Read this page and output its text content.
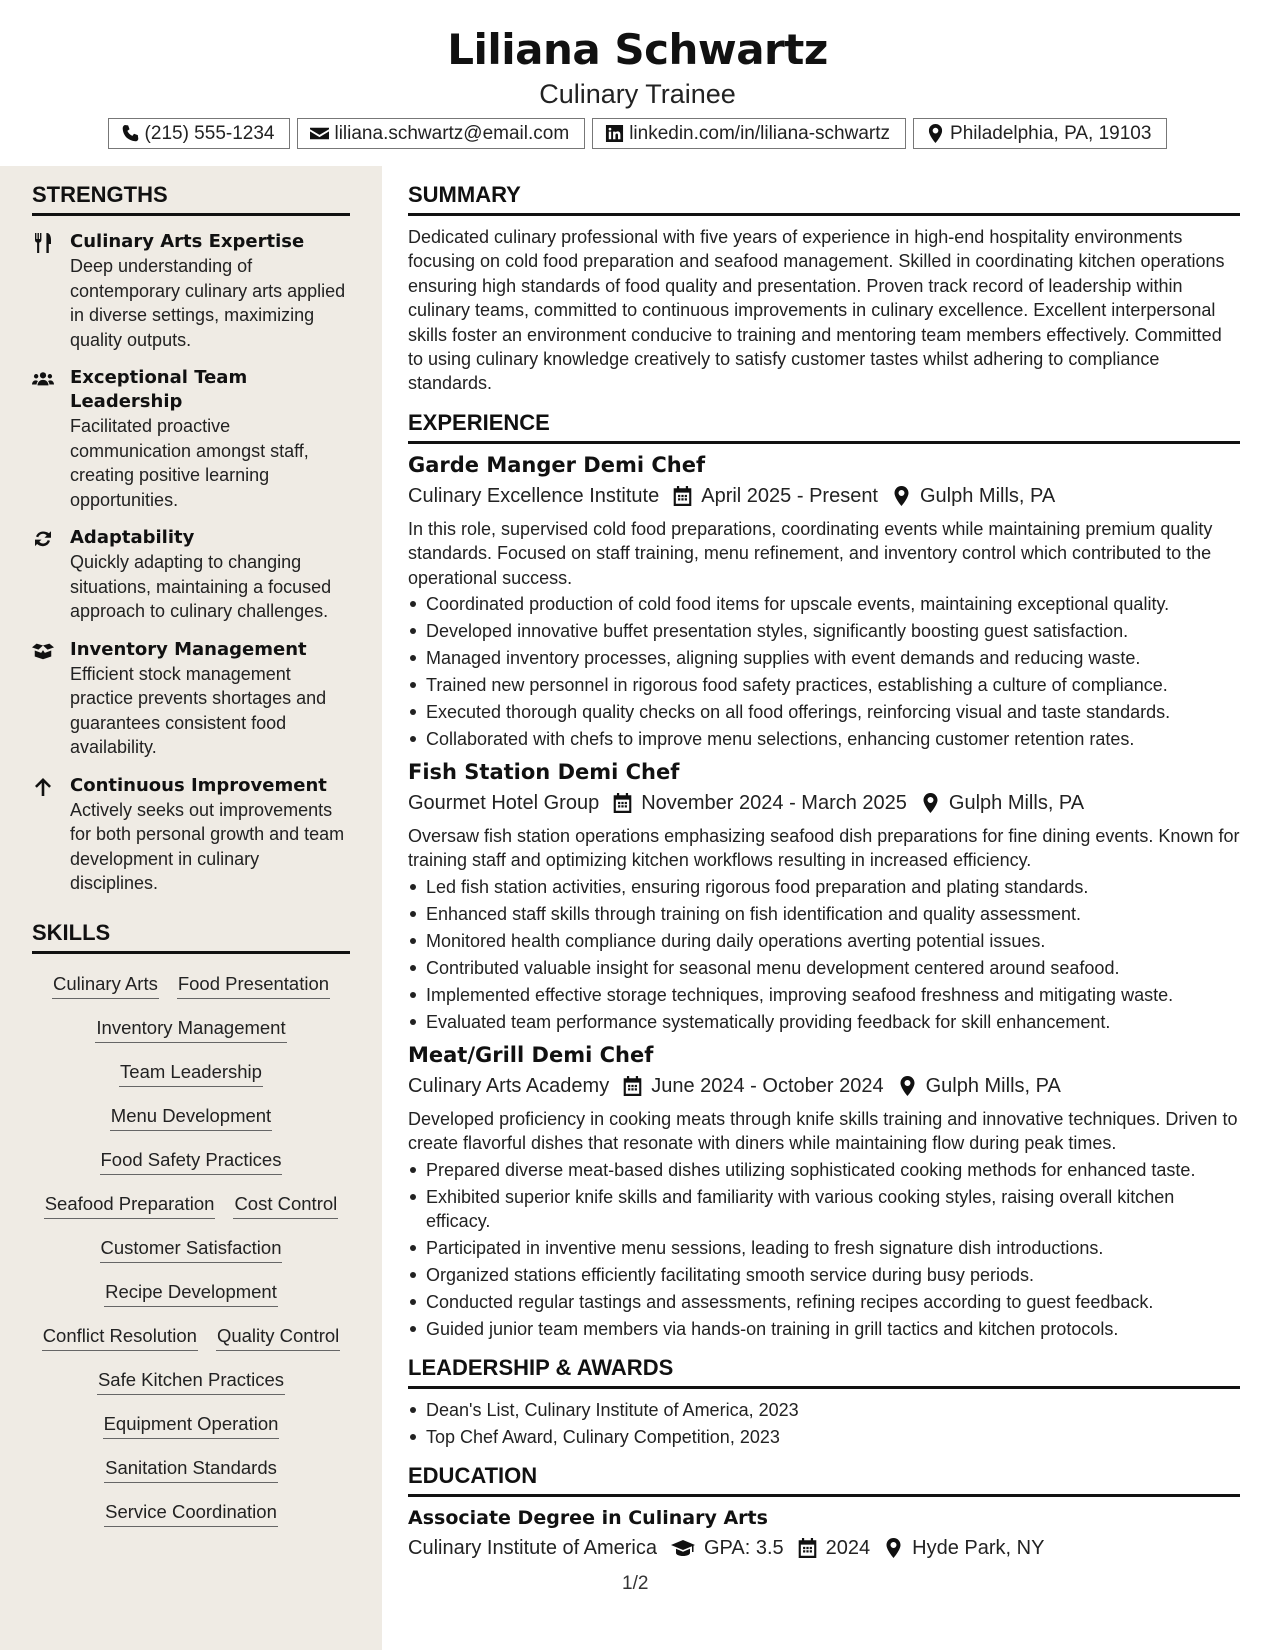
Liliana Schwartz
Culinary Trainee
(215) 555-1234	liliana.schwartz@email.com	linkedin.com/in/liliana-schwartz	Philadelphia, PA, 19103
STRENGTHS
Culinary Arts Expertise
Deep understanding of contemporary culinary arts applied in diverse settings, maximizing quality outputs.
Exceptional Team Leadership
Facilitated proactive communication amongst staff, creating positive learning opportunities.
Adaptability
Quickly adapting to changing situations, maintaining a focused approach to culinary challenges.
Inventory Management
Efficient stock management practice prevents shortages and guarantees consistent food availability.
Continuous Improvement
Actively seeks out improvements for both personal growth and team development in culinary disciplines.
SKILLS
Culinary Arts Food Presentation
Inventory Management
Team Leadership
Menu Development
Food Safety Practices
Seafood Preparation Cost Control
Customer Satisfaction
Recipe Development
Conflict Resolution Quality Control
Safe Kitchen Practices
Equipment Operation
Sanitation Standards
Service Coordination
SUMMARY
Dedicated culinary professional with five years of experience in high-end hospitality environments focusing on cold food preparation and seafood management. Skilled in coordinating kitchen operations ensuring high standards of food quality and presentation. Proven track record of leadership within culinary teams, committed to continuous improvements in culinary excellence. Excellent interpersonal skills foster an environment conducive to training and mentoring team members effectively. Committed to using culinary knowledge creatively to satisfy customer tastes whilst adhering to compliance standards.
EXPERIENCE
Garde Manger Demi Chef
Culinary Excellence Institute April 2025 - Present Gulph Mills, PA
In this role, supervised cold food preparations, coordinating events while maintaining premium quality standards. Focused on staff training, menu refinement, and inventory control which contributed to the operational success.
Coordinated production of cold food items for upscale events, maintaining exceptional quality.
Developed innovative buffet presentation styles, significantly boosting guest satisfaction.
Managed inventory processes, aligning supplies with event demands and reducing waste.
Trained new personnel in rigorous food safety practices, establishing a culture of compliance.
Executed thorough quality checks on all food offerings, reinforcing visual and taste standards.
Collaborated with chefs to improve menu selections, enhancing customer retention rates.
Fish Station Demi Chef
Gourmet Hotel Group November 2024 - March 2025 Gulph Mills, PA
Oversaw fish station operations emphasizing seafood dish preparations for fine dining events. Known for training staff and optimizing kitchen workflows resulting in increased efficiency.
Led fish station activities, ensuring rigorous food preparation and plating standards.
Enhanced staff skills through training on fish identification and quality assessment.
Monitored health compliance during daily operations averting potential issues.
Contributed valuable insight for seasonal menu development centered around seafood.
Implemented effective storage techniques, improving seafood freshness and mitigating waste.
Evaluated team performance systematically providing feedback for skill enhancement.
Meat/Grill Demi Chef
Culinary Arts Academy June 2024 - October 2024 Gulph Mills, PA
Developed proficiency in cooking meats through knife skills training and innovative techniques. Driven to create flavorful dishes that resonate with diners while maintaining flow during peak times.
Prepared diverse meat-based dishes utilizing sophisticated cooking methods for enhanced taste.
Exhibited superior knife skills and familiarity with various cooking styles, raising overall kitchen efficacy.
Participated in inventive menu sessions, leading to fresh signature dish introductions.
Organized stations efficiently facilitating smooth service during busy periods.
Conducted regular tastings and assessments, refining recipes according to guest feedback.
Guided junior team members via hands-on training in grill tactics and kitchen protocols.
LEADERSHIP & AWARDS
Dean's List, Culinary Institute of America, 2023
Top Chef Award, Culinary Competition, 2023
EDUCATION
Associate Degree in Culinary Arts
Culinary Institute of America GPA: 3.5 2024 Hyde Park, NY
1/2
